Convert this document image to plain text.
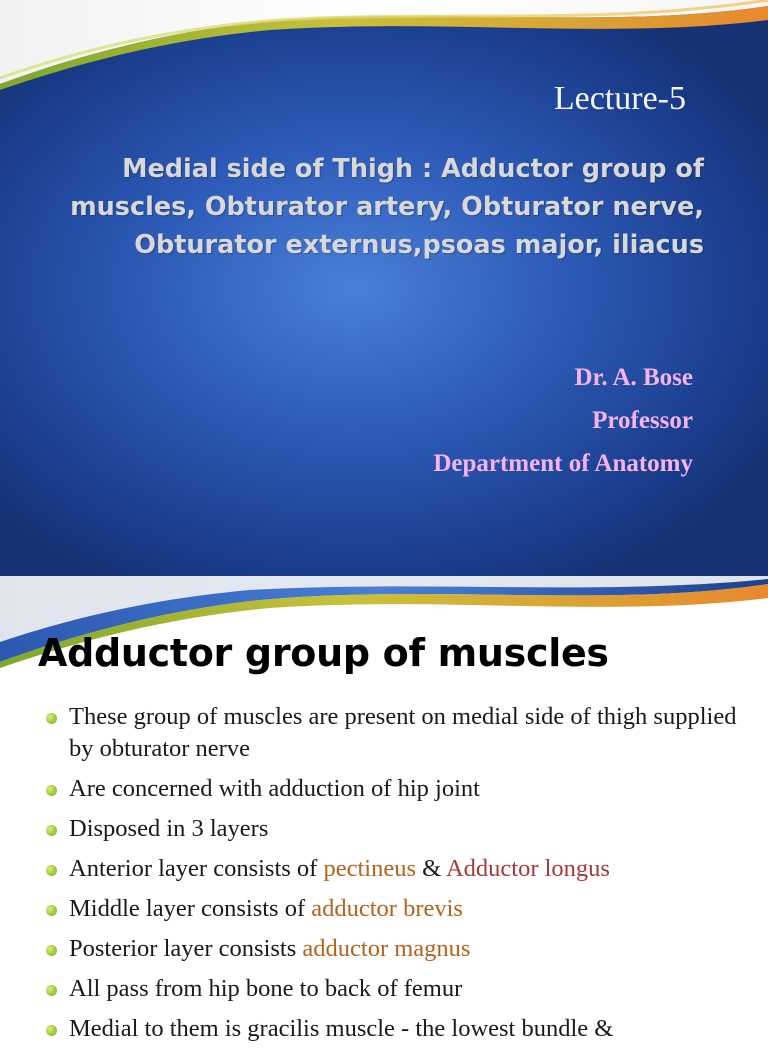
Lecture-5
Medial side of Thigh : Adductor group of
muscles, Obturator artery, Obturator nerve,
Obturator externus,psoas major, iliacus
Dr. A. Bose
Professor
Department of Anatomy
Adductor group of muscles
These group of muscles are present on medial side of thigh supplied by obturator nerve
Are concerned with adduction of hip joint
Disposed in 3 layers
Anterior layer consists of pectineus & Adductor longus
Middle layer consists of adductor brevis
Posterior layer consists adductor magnus
All pass from hip bone to back of femur
Medial to them is gracilis muscle - the lowest bundle &
